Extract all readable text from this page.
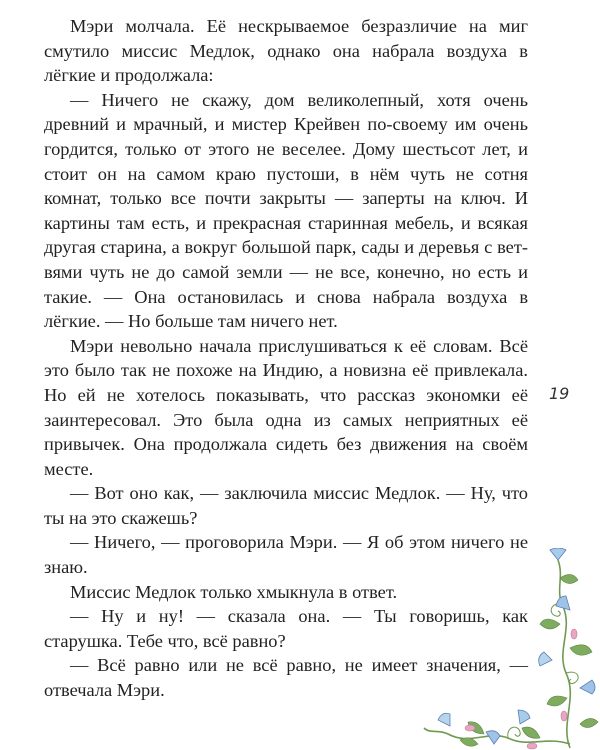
Мэри молчала. Её нескрываемое безразличие на миг смутило миссис Медлок, однако она набрала воздуха в лёгкие и продолжала:

— Ничего не скажу, дом великолепный, хотя очень древний и мрачный, и мистер Крейвен по-своему им очень гордится, только от этого не веселее. Дому шестьсот лет, и стоит он на самом краю пустоши, в нём чуть не сотня комнат, только все почти закрыты — заперты на ключ. И картины там есть, и прекрасная старинная мебель, и всякая другая старина, а вокруг большой парк, сады и деревья с ветвями чуть не до самой земли — не все, конечно, но есть и такие. — Она остановилась и снова набрала воздуха в лёгкие. — Но больше там ничего нет.

Мэри невольно начала прислушиваться к её словам. Всё это было так не похоже на Индию, а новизна её привлекала. Но ей не хотелось показывать, что рассказ экономки её заинтересовал. Это была одна из самых неприятных её привычек. Она продолжала сидеть без движения на своём месте.

— Вот оно как, — заключила миссис Медлок. — Ну, что ты на это скажешь?

— Ничего, — проговорила Мэри. — Я об этом ничего не знаю.

Миссис Медлок только хмыкнула в ответ.

— Ну и ну! — сказала она. — Ты говоришь, как старушка. Тебе что, всё равно?

— Всё равно или не всё равно, не имеет значения, — отвечала Мэри.

19
